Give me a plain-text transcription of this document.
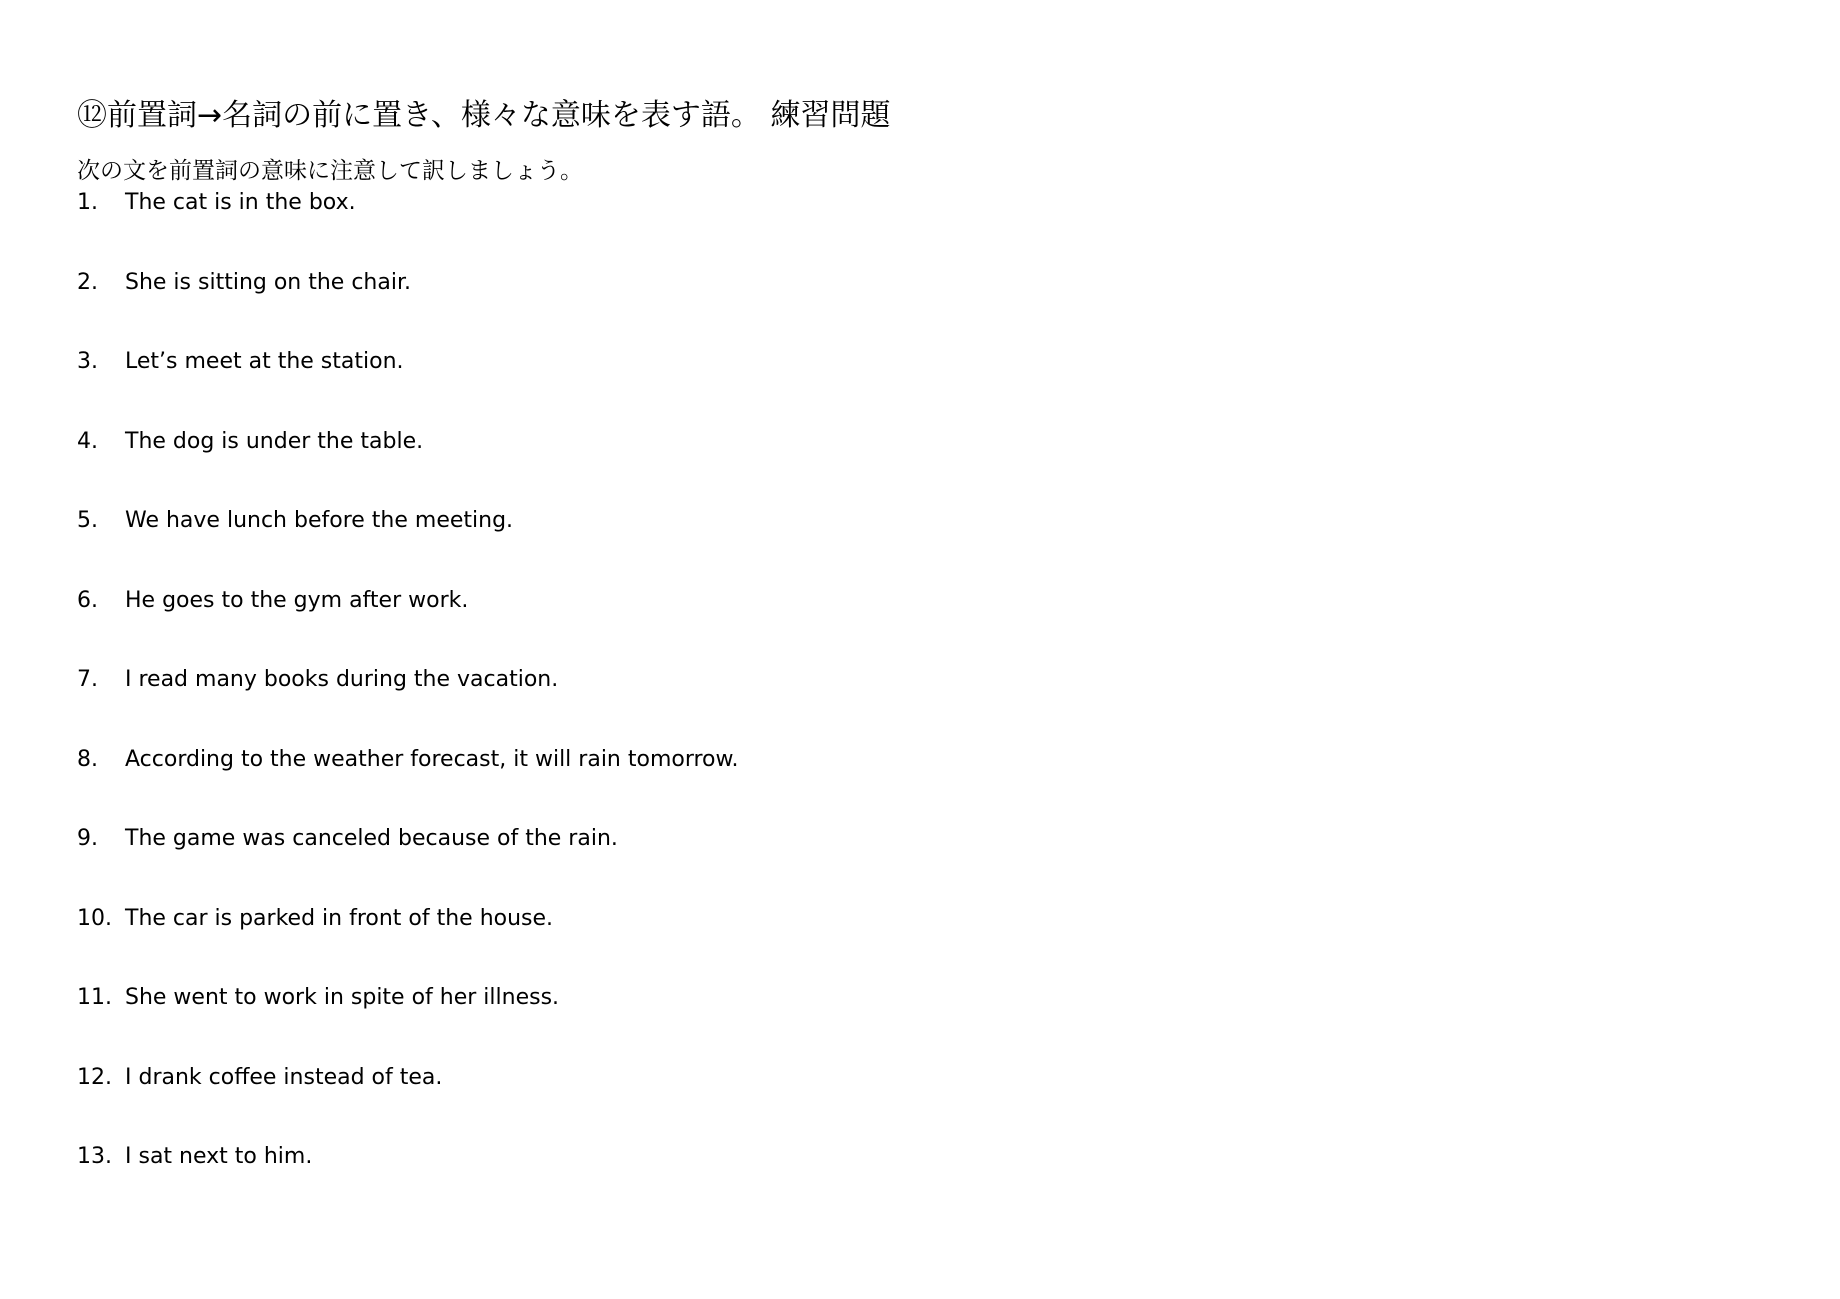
⑫前置詞→名詞の前に置き、様々な意味を表す語。 練習問題

次の文を前置詞の意味に注意して訳しましょう。

1.	The cat is in the box.
2.	She is sitting on the chair.
3.	Let’s meet at the station.
4.	The dog is under the table.
5.	We have lunch before the meeting.
6.	He goes to the gym after work.
7.	I read many books during the vacation.
8.	According to the weather forecast, it will rain tomorrow.
9.	The game was canceled because of the rain.
10. The car is parked in front of the house.
11. She went to work in spite of her illness.
12. I drank coffee instead of tea.
13. I sat next to him.
